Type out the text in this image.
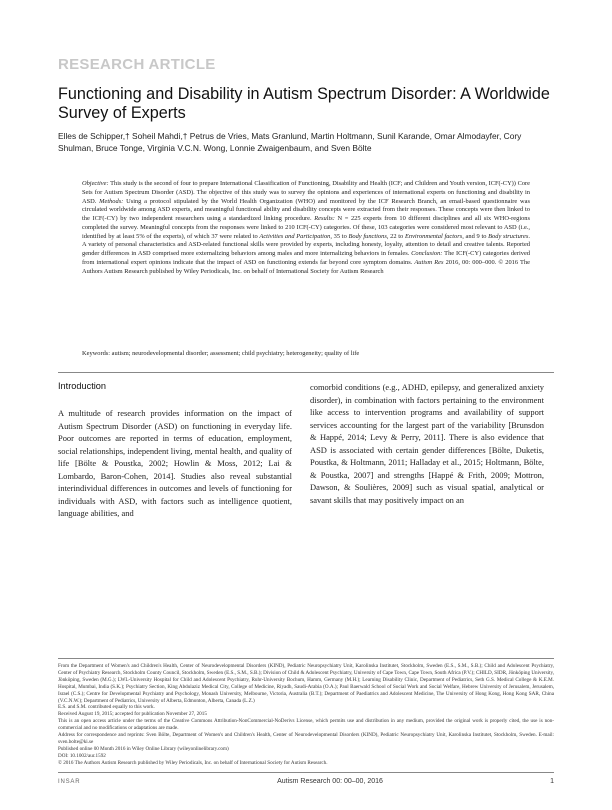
RESEARCH ARTICLE
Functioning and Disability in Autism Spectrum Disorder: A Worldwide Survey of Experts
Elles de Schipper,† Soheil Mahdi,† Petrus de Vries, Mats Granlund, Martin Holtmann, Sunil Karande, Omar Almodayfer, Cory Shulman, Bruce Tonge, Virginia V.C.N. Wong, Lonnie Zwaigenbaum, and Sven Bölte
Objective: This study is the second of four to prepare International Classification of Functioning, Disability and Health (ICF; and Children and Youth version, ICF(-CY)) Core Sets for Autism Spectrum Disorder (ASD). The objective of this study was to survey the opinions and experiences of international experts on functioning and disability in ASD. Methods: Using a protocol stipulated by the World Health Organization (WHO) and monitored by the ICF Research Branch, an email-based questionnaire was circulated worldwide among ASD experts, and meaningful functional ability and disability concepts were extracted from their responses. These concepts were then linked to the ICF(-CY) by two independent researchers using a standardized linking procedure. Results: N = 225 experts from 10 different disciplines and all six WHO-regions completed the survey. Meaningful concepts from the responses were linked to 210 ICF(-CY) categories. Of these, 103 categories were considered most relevant to ASD (i.e., identified by at least 5% of the experts), of which 37 were related to Activities and Participation, 35 to Body functions, 22 to Environmental factors, and 9 to Body structures. A variety of personal characteristics and ASD-related functional skills were provided by experts, including honesty, loyalty, attention to detail and creative talents. Reported gender differences in ASD comprised more externalizing behaviors among males and more internalizing behaviors in females. Conclusion: The ICF(-CY) categories derived from international expert opinions indicate that the impact of ASD on functioning extends far beyond core symptom domains. Autism Res 2016, 00: 000–000. © 2016 The Authors Autism Research published by Wiley Periodicals, Inc. on behalf of International Society for Autism Research
Keywords: autism; neurodevelopmental disorder; assessment; child psychiatry; heterogeneity; quality of life
Introduction
A multitude of research provides information on the impact of Autism Spectrum Disorder (ASD) on functioning in everyday life. Poor outcomes are reported in terms of education, employment, social relationships, independent living, mental health, and quality of life [Bölte & Poustka, 2002; Howlin & Moss, 2012; Lai & Lombardo, Baron-Cohen, 2014]. Studies also reveal substantial interindividual differences in outcomes and levels of functioning for individuals with ASD, with factors such as intelligence quotient, language abilities, and
comorbid conditions (e.g., ADHD, epilepsy, and generalized anxiety disorder), in combination with factors pertaining to the environment like access to intervention programs and availability of support services accounting for the largest part of the variability [Brunsdon & Happé, 2014; Levy & Perry, 2011]. There is also evidence that ASD is associated with certain gender differences [Bölte, Duketis, Poustka, & Holtmann, 2011; Halladay et al., 2015; Holtmann, Bölte, & Poustka, 2007] and strengths [Happé & Frith, 2009; Mottron, Dawson, & Soulières, 2009] such as visual spatial, analytical or savant skills that may positively impact on an

From the Department of Women's and Children's Health, Center of Neurodevelopmental Disorders (KIND), Pediatric Neuropsychiatry Unit, Karolinska Institutet, Stockholm, Sweden (E.S., S.M., S.B.); Child and Adolescent Psychiatry, Center of Psychiatry Research, Stockholm County Council, Stockholm, Sweden (E.S., S.M., S.B.); Division of Child & Adolescent Psychiatry, University of Cape Town, Cape Town, South Africa (P.V.); CHILD, SIDR, Jönköping University, Jönköping, Sweden (M.G.); LWL-University Hospital for Child and Adolescent Psychiatry, Ruhr-University Bochum, Hamm, Germany (M.H.); Learning Disability Clinic, Department of Pediatrics, Seth G.S. Medical College & K.E.M. Hospital, Mumbai, India (S.K.); Psychiatry Section, King Abdulaziz Medical City, College of Medicine, Riyadh, Saudi-Arabia (O.A.); Paul Baerwald School of Social Work and Social Welfare, Hebrew University of Jerusalem, Jerusalem, Israel (C.S.); Centre for Developmental Psychiatry and Psychology, Monash University, Melbourne, Victoria, Australia (B.T.); Department of Paediatrics and Adolescent Medicine, The University of Hong Kong, Hong Kong SAR, China (V.C.N.W.); Department of Pediatrics, University of Alberta, Edmonton, Alberta, Canada (L.Z.)

E.S. and S.M. contributed equally to this work.

Received August 19, 2015; accepted for publication November 27, 2015

This is an open access article under the terms of the Creative Commons Attribution-NonCommercial-NoDerivs License, which permits use and distribution in any medium, provided the original work is properly cited, the use is non-commercial and no modifications or adaptations are made.

Address for correspondence and reprints: Sven Bölte, Department of Women's and Children's Health, Center of Neurodevelopmental Disorders (KIND), Pediatric Neuropsychiatry Unit, Karolinska Institutet, Stockholm, Sweden. E-mail: sven.bolte@ki.se

Published online 00 Month 2016 in Wiley Online Library (wileyonlinelibrary.com)

DOI: 10.1002/aur.1592

© 2016 The Authors Autism Research published by Wiley Periodicals, Inc. on behalf of International Society for Autism Research.

INSAR	Autism Research 00: 00–00, 2016	1
